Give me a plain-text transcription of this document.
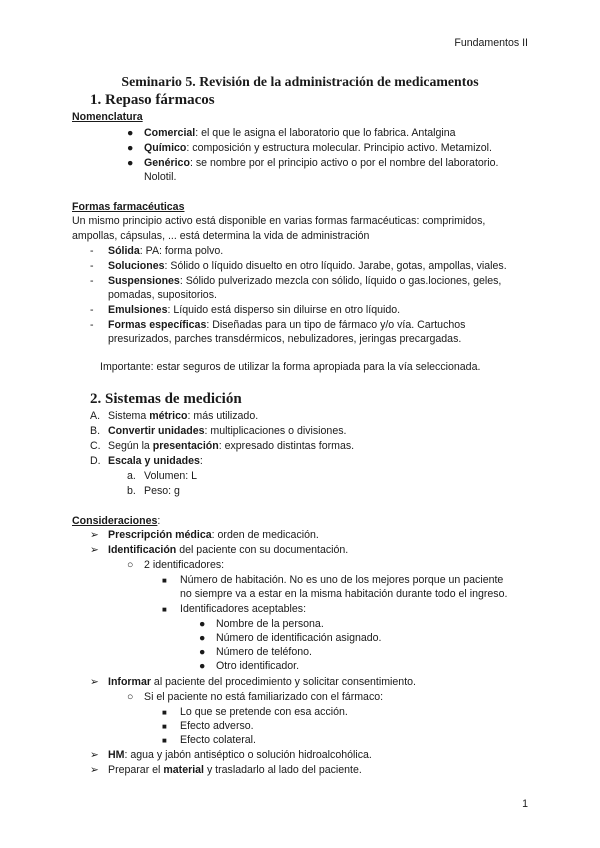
Fundamentos II
Seminario 5. Revisión de la administración de medicamentos
1. Repaso fármacos
Nomenclatura
● Comercial: el que le asigna el laboratorio que lo fabrica. Antalgina
● Químico: composición y estructura molecular. Principio activo. Metamizol.
● Genérico: se nombre por el principio activo o por el nombre del laboratorio.
Nolotil.
Formas farmacéuticas
Un mismo principio activo está disponible en varias formas farmacéuticas: comprimidos,
ampollas, cápsulas, ... está determina la vida de administración
- Sólida: PA: forma polvo.
- Soluciones: Sólido o líquido disuelto en otro líquido. Jarabe, gotas, ampollas, viales.
- Suspensiones: Sólido pulverizado mezcla con sólido, líquido o gas.lociones, geles,
pomadas, supositorios.
- Emulsiones: Líquido está disperso sin diluirse en otro líquido.
- Formas específicas: Diseñadas para un tipo de fármaco y/o vía. Cartuchos
presurizados, parches transdérmicos, nebulizadores, jeringas precargadas.
Importante: estar seguros de utilizar la forma apropiada para la vía seleccionada.
2. Sistemas de medición
A. Sistema métrico: más utilizado.
B. Convertir unidades: multiplicaciones o divisiones.
C. Según la presentación: expresado distintas formas.
D. Escala y unidades:
a. Volumen: L
b. Peso: g
Consideraciones:
➢ Prescripción médica: orden de medicación.
➢ Identificación del paciente con su documentación.
○ 2 identificadores:
■ Número de habitación. No es uno de los mejores porque un paciente
no siempre va a estar en la misma habitación durante todo el ingreso.
■ Identificadores aceptables:
● Nombre de la persona.
● Número de identificación asignado.
● Número de teléfono.
● Otro identificador.
➢ Informar al paciente del procedimiento y solicitar consentimiento.
○ Si el paciente no está familiarizado con el fármaco:
■ Lo que se pretende con esa acción.
■ Efecto adverso.
■ Efecto colateral.
➢ HM: agua y jabón antiséptico o solución hidroalcohólica.
➢ Preparar el material y trasladarlo al lado del paciente.
1
